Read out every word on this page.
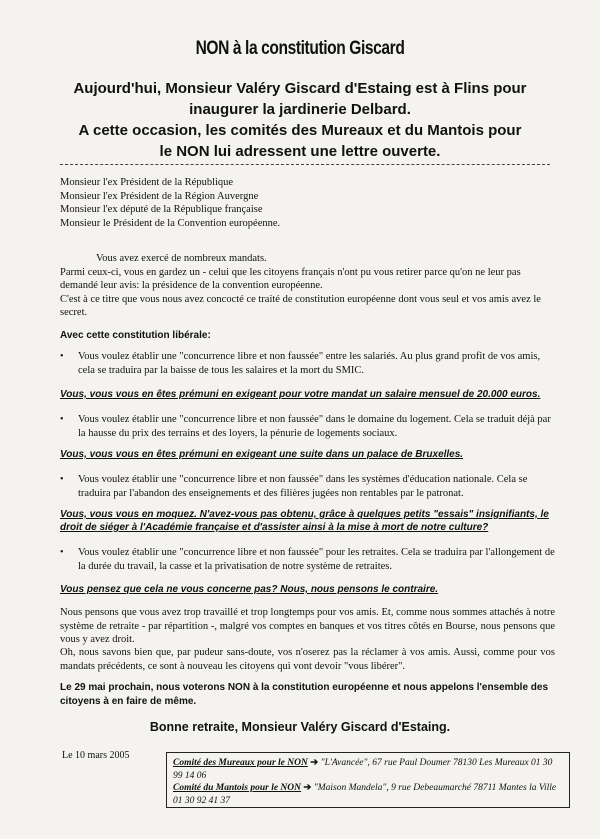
NON à la constitution Giscard
Aujourd'hui, Monsieur Valéry Giscard d'Estaing est à Flins pour
inaugurer la jardinerie Delbard.
A cette occasion, les comités des Mureaux et du Mantois pour
le NON lui adressent une lettre ouverte.
Monsieur l'ex Président de la République
Monsieur l'ex Président de la Région Auvergne
Monsieur l'ex député de la République française
Monsieur le Président de la Convention européenne.
Vous avez exercé de nombreux mandats.
Parmi ceux-ci, vous en gardez un - celui que les citoyens français n'ont pu vous retirer parce qu'on ne leur pas demandé leur avis: la présidence de la convention européenne.
C'est à ce titre que vous nous avez concocté ce traité de constitution européenne dont vous seul et vos amis avez le secret.
Avec cette constitution libérale:
• Vous voulez établir une "concurrence libre et non faussée" entre les salariés. Au plus grand profit de vos amis, cela se traduira par la baisse de tous les salaires et la mort du SMIC.
Vous, vous vous en êtes prémuni en exigeant pour votre mandat un salaire mensuel de 20.000 euros.
• Vous voulez établir une "concurrence libre et non faussée" dans le domaine du logement. Cela se traduit déjà par la hausse du prix des terrains et des loyers, la pénurie de logements sociaux.
Vous, vous vous en êtes prémuni en exigeant une suite dans un palace de Bruxelles.
• Vous voulez établir une "concurrence libre et non faussée" dans les systèmes d'éducation nationale. Cela se traduira par l'abandon des enseignements et des filières jugées non rentables par le patronat.
Vous, vous vous en moquez. N'avez-vous pas obtenu, grâce à quelques petits "essais" insignifiants, le droit de siéger à l'Académie française et d'assister ainsi à la mise à mort de notre culture?
• Vous voulez établir une "concurrence libre et non faussée" pour les retraites. Cela se traduira par l'allongement de la durée du travail, la casse et la privatisation de notre système de retraites.
Vous pensez que cela ne vous concerne pas? Nous, nous pensons le contraire.
Nous pensons que vous avez trop travaillé et trop longtemps pour vos amis. Et, comme nous sommes attachés à notre système de retraite - par répartition -, malgré vos comptes en banques et vos titres côtés en Bourse, nous pensons que vous y avez droit.
Oh, nous savons bien que, par pudeur sans-doute, vos n'oserez pas la réclamer à vos amis. Aussi, comme pour vos mandats précédents, ce sont à nouveau les citoyens qui vont devoir "vous libérer".
Le 29 mai prochain, nous voterons NON à la constitution européenne et nous appelons l'ensemble des citoyens à en faire de même.
Bonne retraite, Monsieur Valéry Giscard d'Estaing.
Le 10 mars 2005
Comité des Mureaux pour le NON ➔ "L'Avancée", 67 rue Paul Doumer 78130 Les Mureaux 01 30 99 14 06
Comité du Mantois pour le NON ➔ "Maison Mandela", 9 rue Debeaumarché 78711 Mantes la Ville 01 30 92 41 37
